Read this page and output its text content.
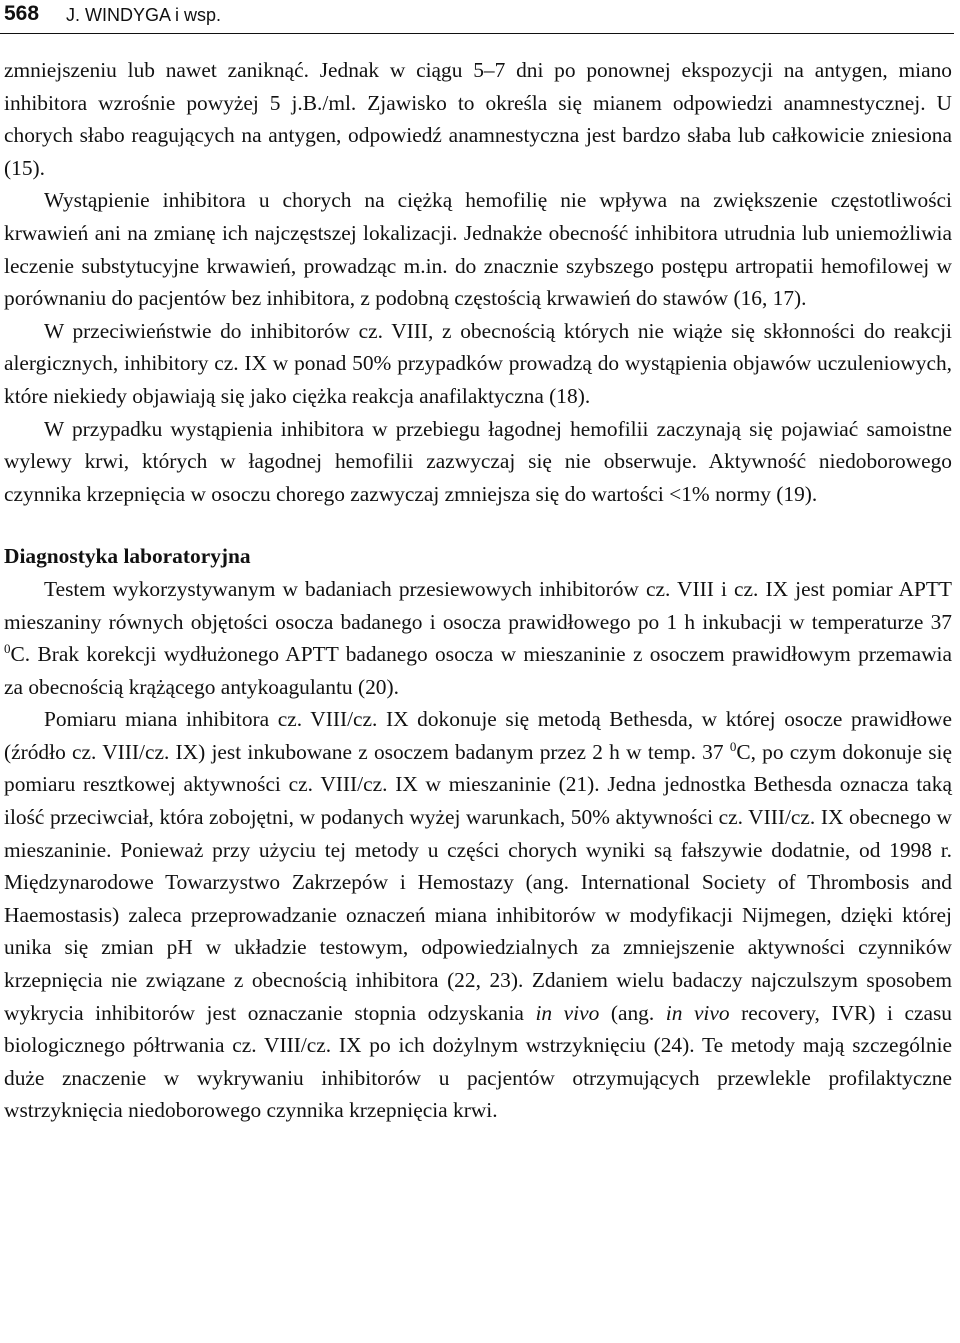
568 J. WINDYGA i wsp.

zmniejszeniu lub nawet zaniknąć. Jednak w ciągu 5–7 dni po ponownej ekspozycji na antygen, miano inhibitora wzrośnie powyżej 5 j.B./ml. Zjawisko to określa się mianem odpowiedzi anamnestycznej. U chorych słabo reagujących na antygen, odpowiedź anamnestyczna jest bardzo słaba lub całkowicie zniesiona (15).

Wystąpienie inhibitora u chorych na ciężką hemofilię nie wpływa na zwiększenie częstotliwości krwawień ani na zmianę ich najczęstszej lokalizacji. Jednakże obecność inhibitora utrudnia lub uniemożliwia leczenie substytucyjne krwawień, prowadząc m.in. do znacznie szybszego postępu artropatii hemofilowej w porównaniu do pacjentów bez inhibitora, z podobną częstością krwawień do stawów (16, 17).

W przeciwieństwie do inhibitorów cz. VIII, z obecnością których nie wiąże się skłonności do reakcji alergicznych, inhibitory cz. IX w ponad 50% przypadków prowadzą do wystąpienia objawów uczuleniowych, które niekiedy objawiają się jako ciężka reakcja anafilaktyczna (18).

W przypadku wystąpienia inhibitora w przebiegu łagodnej hemofilii zaczynają się pojawiać samoistne wylewy krwi, których w łagodnej hemofilii zazwyczaj się nie obserwuje. Aktywność niedoborowego czynnika krzepnięcia w osoczu chorego zazwyczaj zmniejsza się do wartości <1% normy (19).

Diagnostyka laboratoryjna

Testem wykorzystywanym w badaniach przesiewowych inhibitorów cz. VIII i cz. IX jest pomiar APTT mieszaniny równych objętości osocza badanego i osocza prawidłowego po 1 h inkubacji w temperaturze 37 $^0$C. Brak korekcji wydłużonego APTT badanego osocza w mieszaninie z osoczem prawidłowym przemawia za obecnością krążącego antykoagulantu (20).

Pomiaru miana inhibitora cz. VIII/cz. IX dokonuje się metodą Bethesda, w której osocze prawidłowe (źródło cz. VIII/cz. IX) jest inkubowane z osoczem badanym przez 2 h w temp. 37 $^0$C, po czym dokonuje się pomiaru resztkowej aktywności cz. VIII/cz. IX w mieszaninie (21). Jedna jednostka Bethesda oznacza taką ilość przeciwciał, która zobojętni, w podanych wyżej warunkach, 50% aktywności cz. VIII/cz. IX obecnego w mieszaninie. Ponieważ przy użyciu tej metody u części chorych wyniki są fałszywie dodatnie, od 1998 r. Międzynarodowe Towarzystwo Zakrzepów i Hemostazy (ang. International Society of Thrombosis and Haemostasis) zaleca przeprowadzanie oznaczeń miana inhibitorów w modyfikacji Nijmegen, dzięki której unika się zmian pH w układzie testowym, odpowiedzialnych za zmniejszenie aktywności czynników krzepnięcia nie związane z obecnością inhibitora (22, 23). Zdaniem wielu badaczy najczulszym sposobem wykrycia inhibitorów jest oznaczanie stopnia odzyskania in vivo (ang. in vivo recovery, IVR) i czasu biologicznego półtrwania cz. VIII/cz. IX po ich dożylnym wstrzyknięciu (24). Te metody mają szczególnie duże znaczenie w wykrywaniu inhibitorów u pacjentów otrzymujących przewlekle profilaktyczne wstrzyknięcia niedoborowego czynnika krzepnięcia krwi.
